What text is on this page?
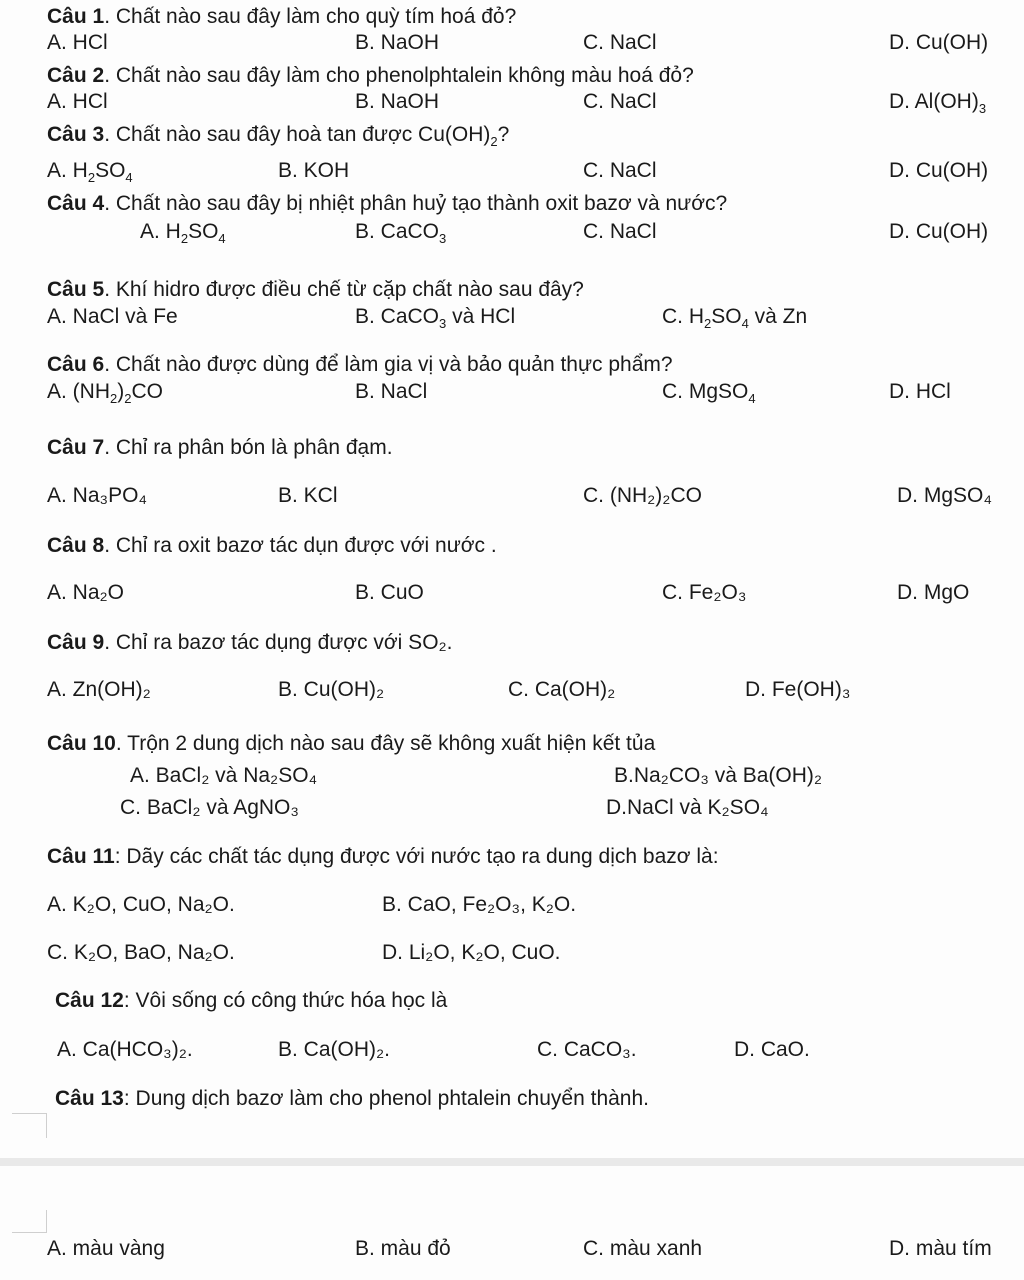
Câu 1. Chất nào sau đây làm cho quỳ tím hoá đỏ?
A. HCl	B. NaOH	C. NaCl	D. Cu(OH)
Câu 2. Chất nào sau đây làm cho phenolphtalein không màu hoá đỏ?
A. HCl	B. NaOH	C. NaCl	D. $Al(OH)_3$
Câu 3. Chất nào sau đây hoà tan được $Cu(OH)_2$?
A. $H_2SO_4$	B. KOH	C. NaCl	D. Cu(OH)
Câu 4. Chất nào sau đây bị nhiệt phân huỷ tạo thành oxit bazơ và nước?
A. $H_2SO_4$	B. CaCO$_3$	C. NaCl	D. Cu(OH)
Câu 5. Khí hidro được điều chế từ cặp chất nào sau đây?
A. NaCl và Fe	B. CaCO$_3$ và HCl	C. $H_2SO_4$ và Zn
Câu 6. Chất nào được dùng để làm gia vị và bảo quản thực phẩm?
A. $(NH_2)_2CO$	B. NaCl	C. MgSO$_4$	D. HCl
Câu 7. Chỉ ra phân bón là phân đạm.
A. Na₃PO₄	B. KCl	C. (NH₂)₂CO	D. MgSO₄
Câu 8. Chỉ ra oxit bazơ tác dụn được với nước .
A. Na₂O	B. CuO	C. Fe₂O₃	D. MgO
Câu 9. Chỉ ra bazơ tác dụng được với SO₂.
A. Zn(OH)₂	B. Cu(OH)₂	C. Ca(OH)₂	D. Fe(OH)₃
Câu 10. Trộn 2 dung dịch nào sau đây sẽ không xuất hiện kết tủa
A. BaCl₂ và Na₂SO₄	B.Na₂CO₃ và Ba(OH)₂
C. BaCl₂ và AgNO₃	D.NaCl và K₂SO₄
Câu 11: Dãy các chất tác dụng được với nước tạo ra dung dịch bazơ là:
A. K₂O, CuO, Na₂O.	B. CaO, Fe₂O₃, K₂O.
C. K₂O, BaO, Na₂O.	D. Li₂O, K₂O, CuO.
Câu 12: Vôi sống có công thức hóa học là
A. Ca(HCO₃)₂.	B. Ca(OH)₂.	C. CaCO₃.	D. CaO.
Câu 13: Dung dịch bazơ làm cho phenol phtalein chuyển thành.
A. màu vàng	B. màu đỏ	C. màu xanh	D. màu tím
